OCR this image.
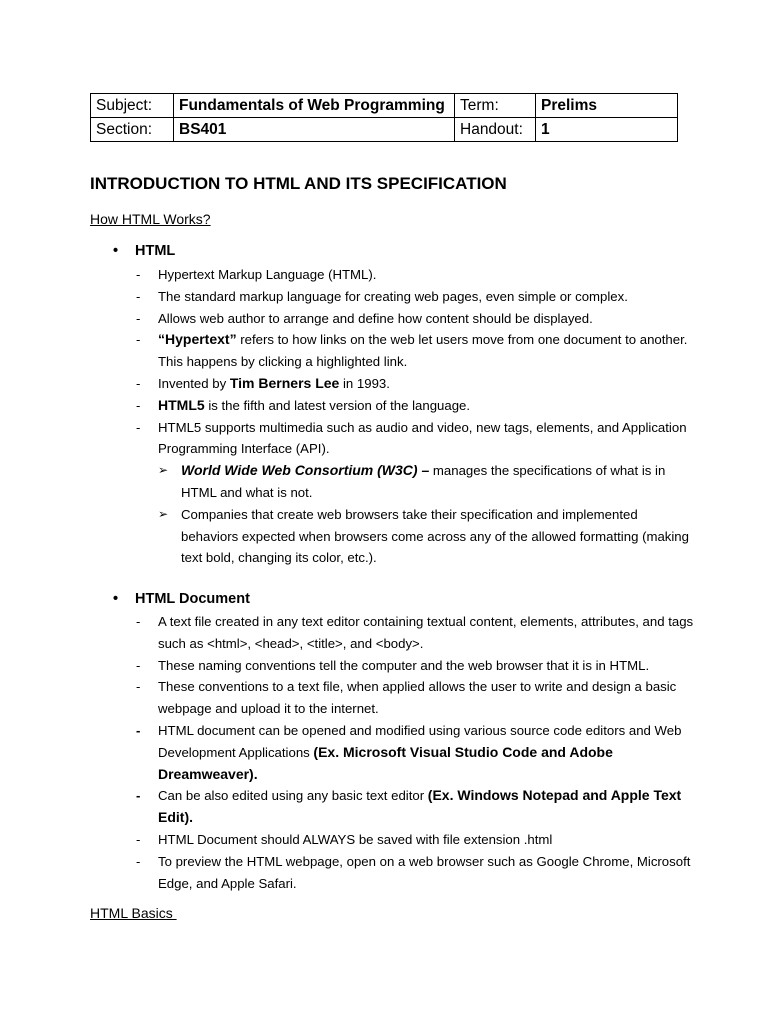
Subject:	Fundamentals of Web Programming	Term:	Prelims
Section:	BS401	Handout:	1
INTRODUCTION TO HTML AND ITS SPECIFICATION
How HTML Works?
• HTML
- Hypertext Markup Language (HTML).
- The standard markup language for creating web pages, even simple or complex.
- Allows web author to arrange and define how content should be displayed.
- “Hypertext” refers to how links on the web let users move from one document to another. This happens by clicking a highlighted link.
- Invented by Tim Berners Lee in 1993.
- HTML5 is the fifth and latest version of the language.
- HTML5 supports multimedia such as audio and video, new tags, elements, and Application Programming Interface (API).
➢ World Wide Web Consortium (W3C) – manages the specifications of what is in HTML and what is not.
➢ Companies that create web browsers take their specification and implemented behaviors expected when browsers come across any of the allowed formatting (making text bold, changing its color, etc.).
• HTML Document
- A text file created in any text editor containing textual content, elements, attributes, and tags such as <html>, <head>, <title>, and <body>.
- These naming conventions tell the computer and the web browser that it is in HTML.
- These conventions to a text file, when applied allows the user to write and design a basic webpage and upload it to the internet.
- HTML document can be opened and modified using various source code editors and Web Development Applications (Ex. Microsoft Visual Studio Code and Adobe Dreamweaver).
- Can be also edited using any basic text editor (Ex. Windows Notepad and Apple Text Edit).
- HTML Document should ALWAYS be saved with file extension .html
- To preview the HTML webpage, open on a web browser such as Google Chrome, Microsoft Edge, and Apple Safari.
HTML Basics
